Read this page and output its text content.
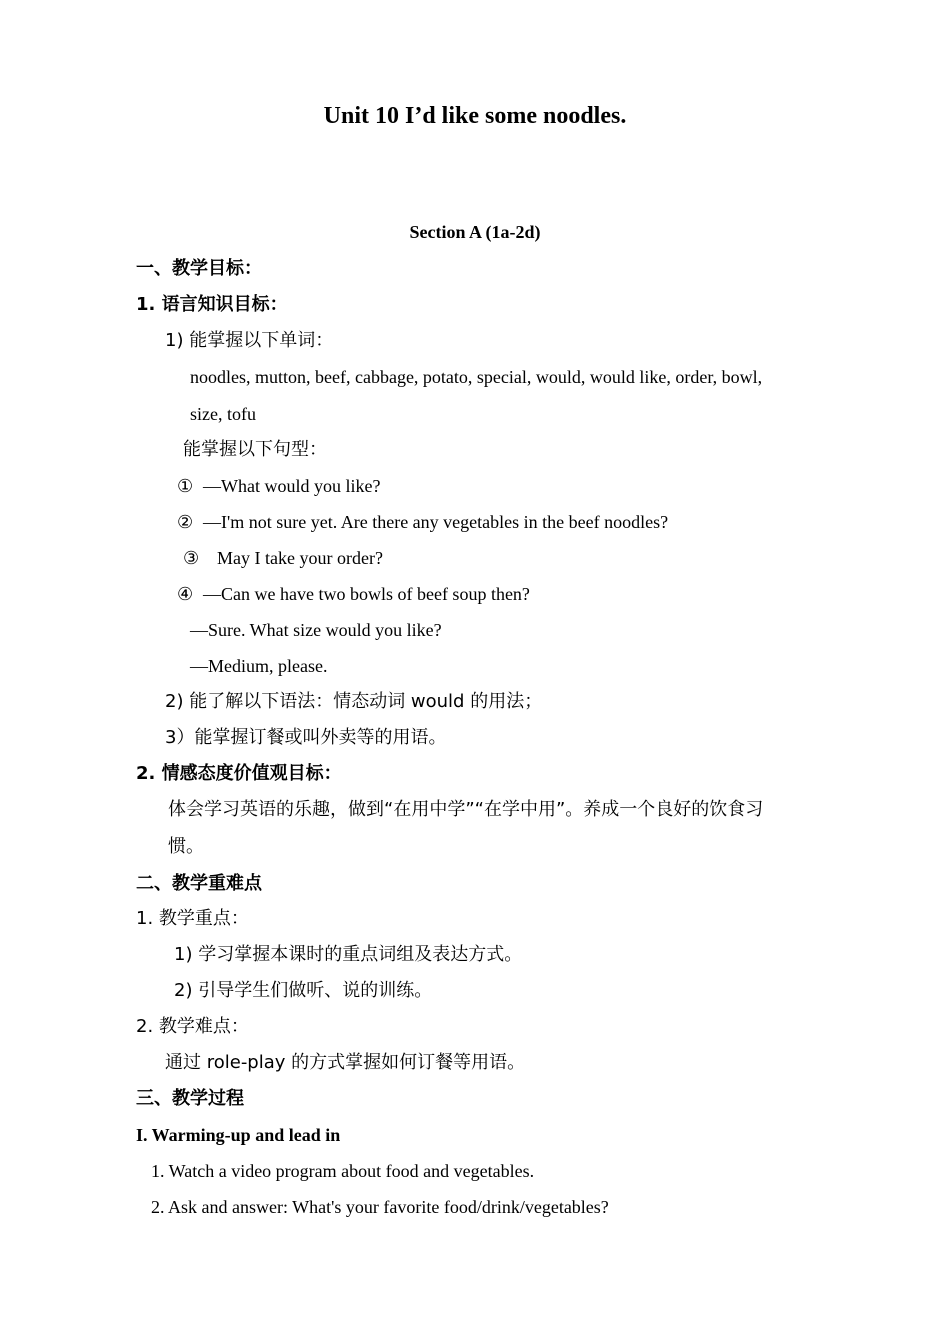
Unit 10 I’d like some noodles.
Section A (1a-2d)
一、教学目标：
1. 语言知识目标：
1) 能掌握以下单词：
noodles, mutton, beef, cabbage, potato, special, would, would like, order, bowl,
size, tofu
能掌握以下句型：
① —What would you like?
② —I'm not sure yet. Are there any vegetables in the beef noodles?
③ May I take your order?
④ —Can we have two bowls of beef soup then?
—Sure. What size would you like?
—Medium, please.
2) 能了解以下语法：情态动词 would 的用法；
3）能掌握订餐或叫外卖等的用语。
2. 情感态度价值观目标：
体会学习英语的乐趣，做到“在用中学”“在学中用”。养成一个良好的饮食习
惯。
二、教学重难点
1. 教学重点：
1) 学习掌握本课时的重点词组及表达方式。
2) 引导学生们做听、说的训练。
2. 教学难点：
通过 role-play 的方式掌握如何订餐等用语。
三、教学过程
I. Warming-up and lead in
1. Watch a video program about food and vegetables.
2. Ask and answer: What's your favorite food/drink/vegetables?
